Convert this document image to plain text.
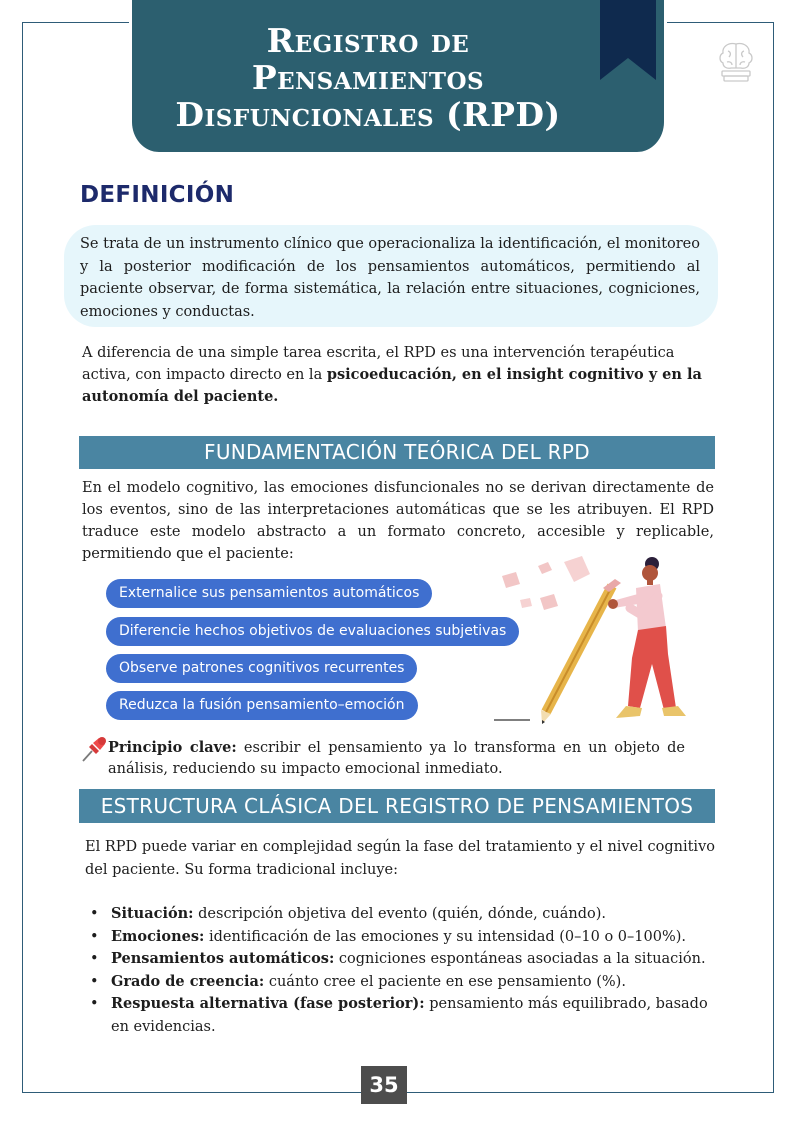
Registro de
Pensamientos
Disfuncionales (RPD)
DEFINICIÓN

Se trata de un instrumento clínico que operacionaliza la identificación, el monitoreo y la posterior modificación de los pensamientos automáticos, permitiendo al paciente observar, de forma sistemática, la relación entre situaciones, cogniciones, emociones y conductas.

A diferencia de una simple tarea escrita, el RPD es una intervención terapéutica activa, con impacto directo en la psicoeducación, en el insight cognitivo y en la autonomía del paciente.

FUNDAMENTACIÓN TEÓRICA DEL RPD

En el modelo cognitivo, las emociones disfuncionales no se derivan directamente de los eventos, sino de las interpretaciones automáticas que se les atribuyen. El RPD traduce este modelo abstracto a un formato concreto, accesible y replicable, permitiendo que el paciente:

Externalice sus pensamientos automáticos
Diferencie hechos objetivos de evaluaciones subjetivas
Observe patrones cognitivos recurrentes
Reduzca la fusión pensamiento–emoción

Principio clave: escribir el pensamiento ya lo transforma en un objeto de análisis, reduciendo su impacto emocional inmediato.

ESTRUCTURA CLÁSICA DEL REGISTRO DE PENSAMIENTOS

El RPD puede variar en complejidad según la fase del tratamiento y el nivel cognitivo del paciente. Su forma tradicional incluye:

• Situación: descripción objetiva del evento (quién, dónde, cuándo).
• Emociones: identificación de las emociones y su intensidad (0–10 o 0–100%).
• Pensamientos automáticos: cogniciones espontáneas asociadas a la situación.
• Grado de creencia: cuánto cree el paciente en ese pensamiento (%).
• Respuesta alternativa (fase posterior): pensamiento más equilibrado, basado en evidencias.
35
